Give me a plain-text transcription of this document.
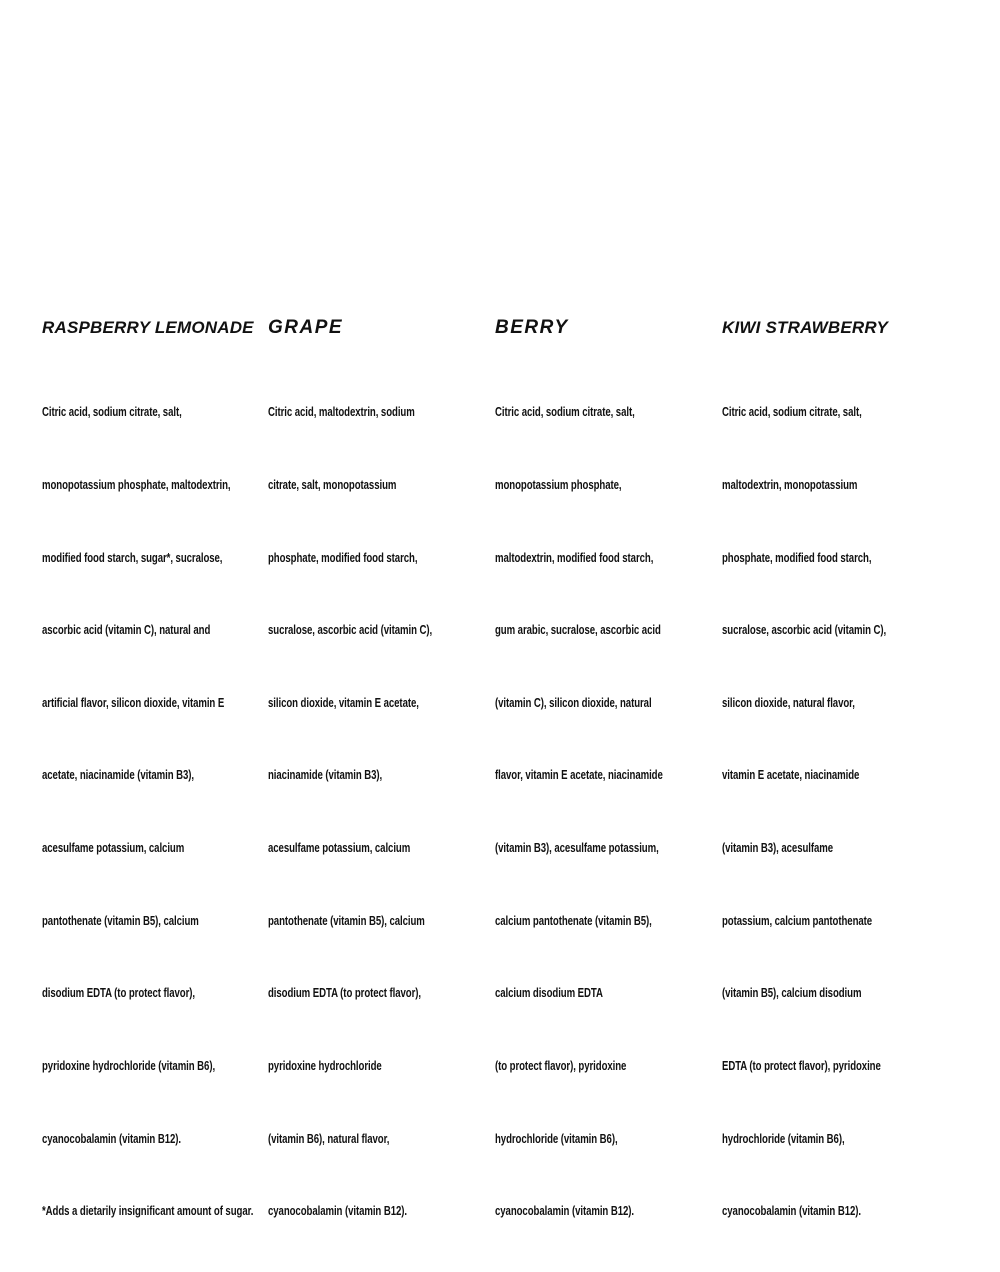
RASPBERRY LEMONADE

Citric acid, sodium citrate, salt,

monopotassium phosphate, maltodextrin,

modified food starch, sugar*, sucralose,

ascorbic acid (vitamin C), natural and

artificial flavor, silicon dioxide, vitamin E

acetate, niacinamide (vitamin B3),

acesulfame potassium, calcium

pantothenate (vitamin B5), calcium

disodium EDTA (to protect flavor),

pyridoxine hydrochloride (vitamin B6),

cyanocobalamin (vitamin B12).

*Adds a dietarily insignificant amount of sugar.

GRAPE

Citric acid, maltodextrin, sodium

citrate, salt, monopotassium

phosphate, modified food starch,

sucralose, ascorbic acid (vitamin C),

silicon dioxide, vitamin E acetate,

niacinamide (vitamin B3),

acesulfame potassium, calcium

pantothenate (vitamin B5), calcium

disodium EDTA (to protect flavor),

pyridoxine hydrochloride

(vitamin B6), natural flavor,

cyanocobalamin (vitamin B12).

BERRY

Citric acid, sodium citrate, salt,

monopotassium phosphate,

maltodextrin, modified food starch,

gum arabic, sucralose, ascorbic acid

(vitamin C), silicon dioxide, natural

flavor, vitamin E acetate, niacinamide

(vitamin B3), acesulfame potassium,

calcium pantothenate (vitamin B5),

calcium disodium EDTA

(to protect flavor), pyridoxine

hydrochloride (vitamin B6),

cyanocobalamin (vitamin B12).

KIWI STRAWBERRY

Citric acid, sodium citrate, salt,

maltodextrin, monopotassium

phosphate, modified food starch,

sucralose, ascorbic acid (vitamin C),

silicon dioxide, natural flavor,

vitamin E acetate, niacinamide

(vitamin B3), acesulfame

potassium, calcium pantothenate

(vitamin B5), calcium disodium

EDTA (to protect flavor), pyridoxine

hydrochloride (vitamin B6),

cyanocobalamin (vitamin B12).
